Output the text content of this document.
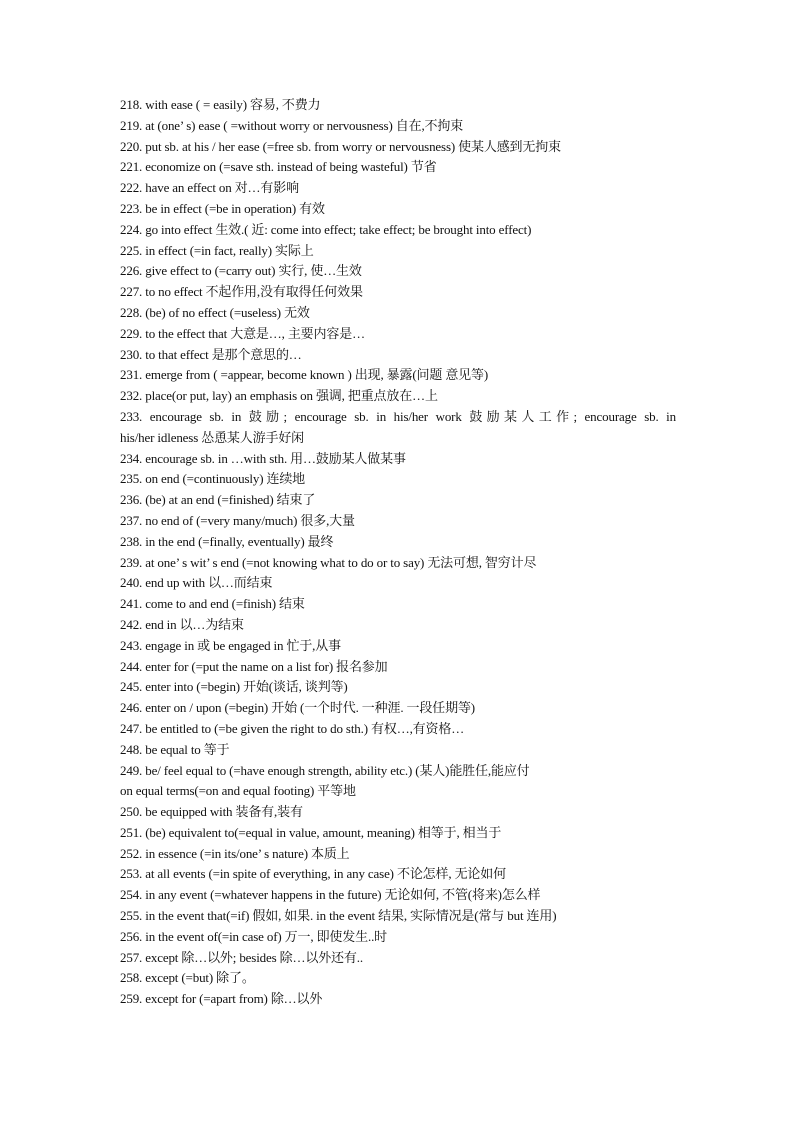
218. with ease ( = easily) 容易, 不费力
219. at (one’ s) ease ( =without worry or nervousness) 自在,不拘束
220. put sb. at his / her ease (=free sb. from worry or nervousness) 使某人感到无拘束
221. economize on (=save sth. instead of being wasteful) 节省
222. have an effect on 对…有影响
223. be in effect (=be in operation) 有效
224. go into effect 生效.( 近: come into effect; take effect; be brought into effect)
225. in effect (=in fact, really) 实际上
226. give effect to (=carry out) 实行, 使…生效
227. to no effect 不起作用,没有取得任何效果
228. (be) of no effect (=useless) 无效
229. to the effect that 大意是…, 主要内容是…
230. to that effect 是那个意思的…
231. emerge from ( =appear, become known ) 出现, 暴露(问题 意见等)
232. place(or put, lay) an emphasis on 强调, 把重点放在…上
233. encourage sb. in 鼓励; encourage sb. in his/her work 鼓励某人工作; encourage sb. in
his/her idleness 怂恿某人游手好闲
234. encourage sb. in …with sth. 用…鼓励某人做某事
235. on end (=continuously) 连续地
236. (be) at an end (=finished) 结束了
237. no end of (=very many/much) 很多,大量
238. in the end (=finally, eventually) 最终
239. at one’ s wit’ s end (=not knowing what to do or to say) 无法可想, 智穷计尽
240. end up with 以…而结束
241. come to and end (=finish) 结束
242. end in 以…为结束
243. engage in 或 be engaged in 忙于,从事
244. enter for (=put the name on a list for) 报名参加
245. enter into (=begin) 开始(谈话, 谈判等)
246. enter on / upon (=begin) 开始 (一个时代. 一种涯. 一段任期等)
247. be entitled to (=be given the right to do sth.) 有权…,有资格…
248. be equal to 等于
249. be/ feel equal to (=have enough strength, ability etc.) (某人)能胜任,能应付
on equal terms(=on and equal footing) 平等地
250. be equipped with 装备有,装有
251. (be) equivalent to(=equal in value, amount, meaning) 相等于, 相当于
252. in essence (=in its/one’ s nature) 本质上
253. at all events (=in spite of everything, in any case) 不论怎样, 无论如何
254. in any event (=whatever happens in the future) 无论如何, 不管(将来)怎么样
255. in the event that(=if) 假如, 如果. in the event 结果, 实际情况是(常与 but 连用)
256. in the event of(=in case of) 万一, 即使发生..时
257. except 除…以外; besides 除…以外还有..
258. except (=but) 除了。
259. except for (=apart from) 除…以外
